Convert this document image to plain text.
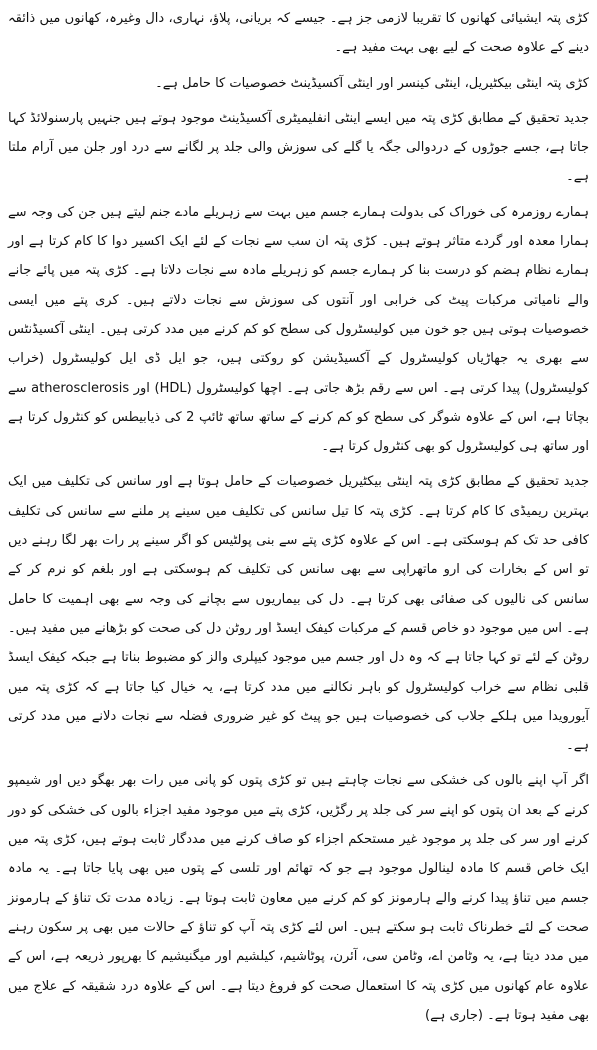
کڑی پتہ ایشیائی کھانوں کا تقریبا لازمی جز ہے۔ جیسے کہ بریانی، پلاؤ، نہاری، دال وغیرہ، کھانوں میں ذائقہ دینے کے علاوہ صحت کے لیے بھی بہت مفید ہے۔

کڑی پتہ اینٹی بیکٹیریل، اینٹی کینسر اور اینٹی آکسیڈینٹ خصوصیات کا حامل ہے۔

جدید تحقیق کے مطابق کڑی پتہ میں ایسے اینٹی انفلیمیٹری آکسیڈینٹ موجود ہوتے ہیں جنہیں پارسنولائڈ کہا جاتا ہے، جسے جوڑوں کے دردوالی جگہ یا گلے کی سوزش والی جلد پر لگانے سے درد اور جلن میں آرام ملتا ہے۔

ہمارے روزمرہ کی خوراک کی بدولت ہمارے جسم میں بہت سے زہریلے مادے جنم لیتے ہیں جن کی وجہ سے ہمارا معدہ اور گردے متاثر ہوتے ہیں۔ کڑی پتہ ان سب سے نجات کے لئے ایک اکسیر دوا کا کام کرتا ہے اور ہمارے نظام ہضم کو درست بنا کر ہمارے جسم کو زہریلے مادہ سے نجات دلاتا ہے۔ کڑی پتہ میں پائے جانے والے نامیاتی مرکبات پیٹ کی خرابی اور آنتوں کی سوزش سے نجات دلاتے ہیں۔ کری پتے میں ایسی خصوصیات ہوتی ہیں جو خون میں کولیسٹرول کی سطح کو کم کرنے میں مدد کرتی ہیں۔ اینٹی آکسیڈنٹس سے بھری یہ جھاڑیاں کولیسٹرول کے آکسیڈیشن کو روکتی ہیں، جو ایل ڈی ایل کولیسٹرول (خراب کولیسٹرول) پیدا کرتی ہے۔ اس سے رقم بڑھ جاتی ہے۔ اچھا کولیسٹرول (HDL) اور atherosclerosis سے بچاتا ہے، اس کے علاوہ شوگر کی سطح کو کم کرنے کے ساتھ ساتھ ٹائپ 2 کی ذیابیطس کو کنٹرول کرتا ہے اور ساتھ ہی کولیسٹرول کو بھی کنٹرول کرتا ہے۔

جدید تحقیق کے مطابق کڑی پتہ اینٹی بیکٹیریل خصوصیات کے حامل ہوتا ہے اور سانس کی تکلیف میں ایک بہترین ریمیڈی کا کام کرتا ہے۔ کڑی پتہ کا تیل سانس کی تکلیف میں سینے پر ملنے سے سانس کی تکلیف کافی حد تک کم ہوسکتی ہے۔ اس کے علاوہ کڑی پتے سے بنی پولٹیس کو اگر سینے پر رات بھر لگا رہنے دیں تو اس کے بخارات کی ارو ماتھراپی سے بھی سانس کی تکلیف کم ہوسکتی ہے اور بلغم کو نرم کر کے سانس کی نالیوں کی صفائی بھی کرتا ہے۔ دل کی بیماریوں سے بچانے کی وجہ سے بھی اہمیت کا حامل ہے۔ اس میں موجود دو خاص قسم کے مرکبات کیفک ایسڈ اور روٹن دل کی صحت کو بڑھانے میں مفید ہیں۔ روٹن کے لئے تو کہا جاتا ہے کہ وہ دل اور جسم میں موجود کیپلری والز کو مضبوط بناتا ہے جبکہ کیفک ایسڈ قلبی نظام سے خراب کولیسٹرول کو باہر نکالنے میں مدد کرتا ہے، یہ خیال کیا جاتا ہے کہ کڑی پتہ میں آیورویدا میں ہلکے جلاب کی خصوصیات ہیں جو پیٹ کو غیر ضروری فضلہ سے نجات دلانے میں مدد کرتی ہے۔

اگر آپ اپنے بالوں کی خشکی سے نجات چاہتے ہیں تو کڑی پتوں کو پانی میں رات بھر بھگو دیں اور شیمپو کرنے کے بعد ان پتوں کو اپنے سر کی جلد پر رگڑیں، کڑی پتے میں موجود مفید اجزاء بالوں کی خشکی کو دور کرنے اور سر کی جلد پر موجود غیر مستحکم اجزاء کو صاف کرنے میں مددگار ثابت ہوتے ہیں، کڑی پتہ میں ایک خاص قسم کا مادہ لینالول موجود ہے جو کہ تھائم اور تلسی کے پتوں میں بھی پایا جاتا ہے۔ یہ مادہ جسم میں تناؤ پیدا کرنے والے ہارمونز کو کم کرنے میں معاون ثابت ہوتا ہے۔ زیادہ مدت تک تناؤ کے ہارمونز صحت کے لئے خطرناک ثابت ہو سکتے ہیں۔ اس لئے کڑی پتہ آپ کو تناؤ کے حالات میں بھی پر سکون رہنے میں مدد دیتا ہے، یہ وٹامن اے، وٹامن سی، آئرن، پوٹاشیم، کیلشیم اور میگنیشیم کا بھرپور ذریعہ ہے، اس کے علاوہ عام کھانوں میں کڑی پتہ کا استعمال صحت کو فروغ دیتا ہے۔ اس کے علاوہ درد شقیقہ کے علاج میں بھی مفید ہوتا ہے۔ (جاری ہے)
